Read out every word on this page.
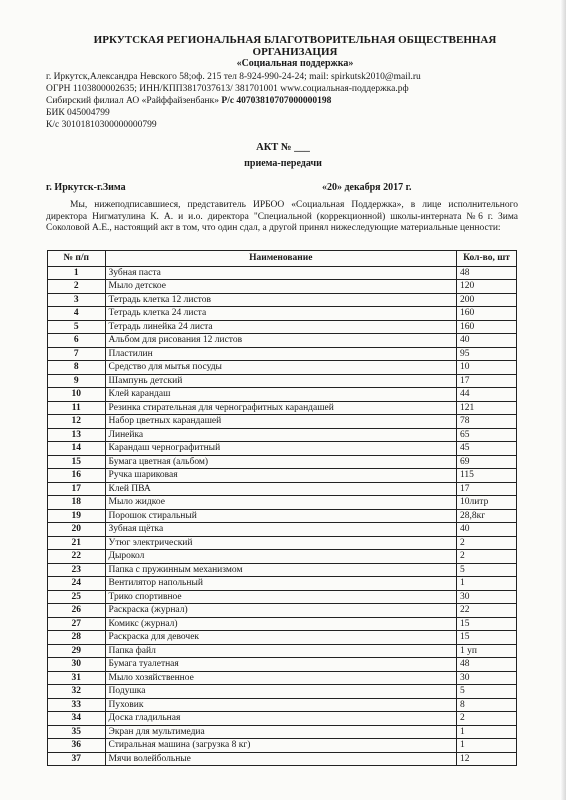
ИРКУТСКАЯ РЕГИОНАЛЬНАЯ БЛАГОТВОРИТЕЛЬНАЯ ОБЩЕСТВЕННАЯ
ОРГАНИЗАЦИЯ
«Социальная поддержка»
г. Иркутск,Александра Невского 58;оф. 215 тел 8-924-990-24-24; mail: spirkutsk2010@mail.ru
ОГРН 1103800002635; ИНН/КПП3817037613/ 381701001 www.социальная-поддержка.рф
Сибирский филиал АО «Райффайзенбанк» Р/с 40703810707000000198
БИК 045004799
К/с 30101810300000000799
АКТ № ___
приема-передачи
г. Иркутск-г.Зима	«20» декабря 2017 г.
Мы, нижеподписавшиеся, представитель ИРБОО «Социальная Поддержка», в лице исполнительного директора Нигматулина К. А. и и.о. директора "Специальной (коррекционной) школы-интерната №6 г. Зима Соколовой А.Е., настоящий акт в том, что один сдал, а другой принял нижеследующие материальные ценности:
№ п/п	Наименование	Кол-во, шт
1	Зубная паста	48
2	Мыло детское	120
3	Тетрадь клетка 12 листов	200
4	Тетрадь клетка 24 листа	160
5	Тетрадь линейка 24 листа	160
6	Альбом для рисования 12 листов	40
7	Пластилин	95
8	Средство для мытья посуды	10
9	Шампунь детский	17
10	Клей карандаш	44
11	Резинка стирательная для чернографитных карандашей	121
12	Набор цветных карандашей	78
13	Линейка	65
14	Карандаш чернографитный	45
15	Бумага цветная (альбом)	69
16	Ручка шариковая	115
17	Клей ПВА	17
18	Мыло жидкое	10литр
19	Порошок стиральный	28,8кг
20	Зубная щётка	40
21	Утюг электрический	2
22	Дырокол	2
23	Папка с пружинным механизмом	5
24	Вентилятор напольный	1
25	Трико спортивное	30
26	Раскраска (журнал)	22
27	Комикс (журнал)	15
28	Раскраска для девочек	15
29	Папка файл	1 уп
30	Бумага туалетная	48
31	Мыло хозяйственное	30
32	Подушка	5
33	Пуховик	8
34	Доска гладильная	2
35	Экран для мультимедиа	1
36	Стиральная машина (загрузка 8 кг)	1
37	Мячи волейбольные	12
